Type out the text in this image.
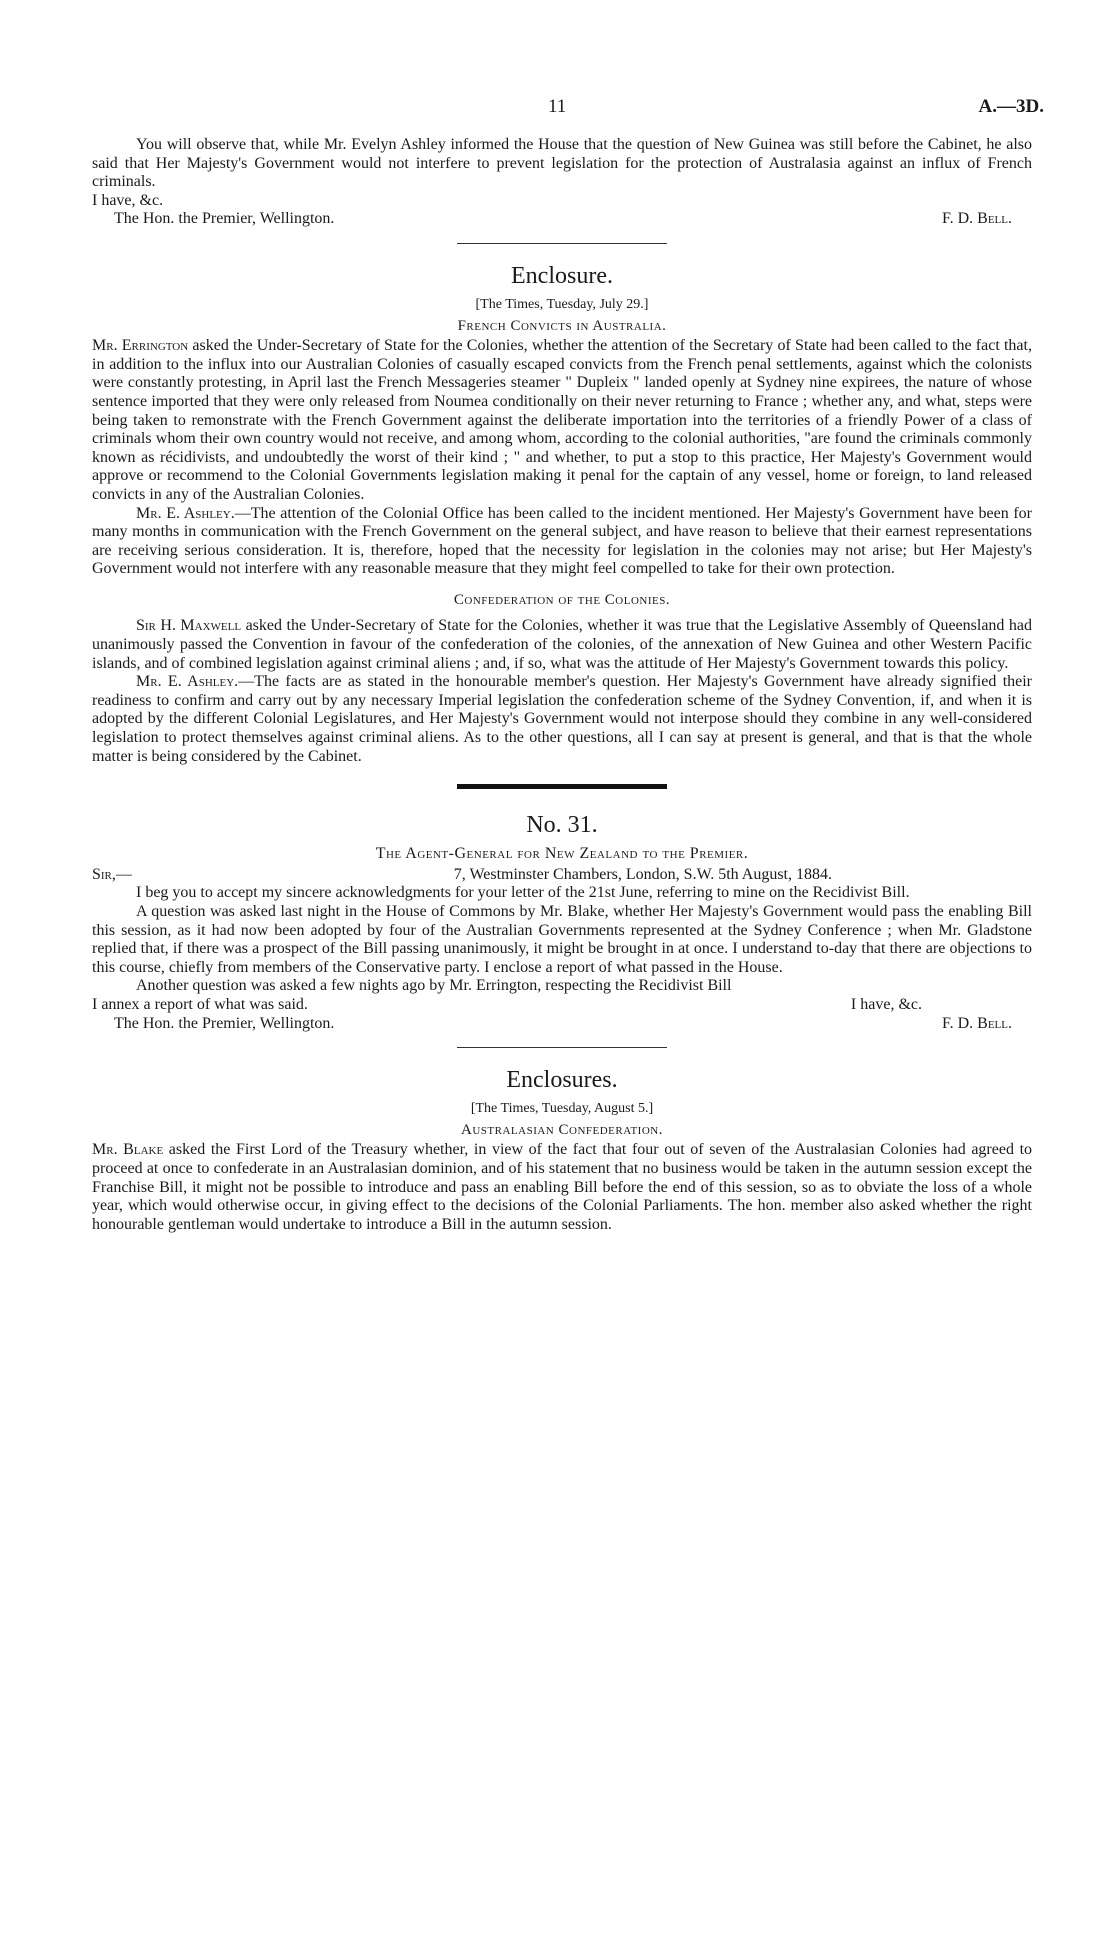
11	A.—3D.

You will observe that, while Mr. Evelyn Ashley informed the House that the question of New Guinea was still before the Cabinet, he also said that Her Majesty's Government would not interfere to prevent legislation for the protection of Australasia against an influx of French criminals.

I have, &c.

The Hon. the Premier, Wellington.	F. D. Bell.
Enclosure.
[The Times, Tuesday, July 29.]
French Convicts in Australia.

Mr. Errington asked the Under-Secretary of State for the Colonies, whether the attention of the Secretary of State had been called to the fact that, in addition to the influx into our Australian Colonies of casually escaped convicts from the French penal settlements, against which the colonists were constantly protesting, in April last the French Messageries steamer " Dupleix " landed openly at Sydney nine expirees, the nature of whose sentence imported that they were only released from Noumea conditionally on their never returning to France ; whether any, and what, steps were being taken to remonstrate with the French Government against the deliberate importation into the territories of a friendly Power of a class of criminals whom their own country would not receive, and among whom, according to the colonial authorities, "are found the criminals commonly known as récidivists, and undoubtedly the worst of their kind ; " and whether, to put a stop to this practice, Her Majesty's Government would approve or recommend to the Colonial Governments legislation making it penal for the captain of any vessel, home or foreign, to land released convicts in any of the Australian Colonies.

Mr. E. Ashley.—The attention of the Colonial Office has been called to the incident mentioned. Her Majesty's Government have been for many months in communication with the French Government on the general subject, and have reason to believe that their earnest representations are receiving serious consideration. It is, therefore, hoped that the necessity for legislation in the colonies may not arise; but Her Majesty's Government would not interfere with any reasonable measure that they might feel compelled to take for their own protection.

Confederation of the Colonies.

Sir H. Maxwell asked the Under-Secretary of State for the Colonies, whether it was true that the Legislative Assembly of Queensland had unanimously passed the Convention in favour of the confederation of the colonies, of the annexation of New Guinea and other Western Pacific islands, and of combined legislation against criminal aliens ; and, if so, what was the attitude of Her Majesty's Government towards this policy.

Mr. E. Ashley.—The facts are as stated in the honourable member's question. Her Majesty's Government have already signified their readiness to confirm and carry out by any necessary Imperial legislation the confederation scheme of the Sydney Convention, if, and when it is adopted by the different Colonial Legislatures, and Her Majesty's Government would not interpose should they combine in any well-considered legislation to protect themselves against criminal aliens. As to the other questions, all I can say at present is general, and that is that the whole matter is being considered by the Cabinet.

No. 31.
The Agent-General for New Zealand to the Premier.
Sir,—	7, Westminster Chambers, London, S.W. 5th August, 1884.

I beg you to accept my sincere acknowledgments for your letter of the 21st June, referring to mine on the Recidivist Bill.

A question was asked last night in the House of Commons by Mr. Blake, whether Her Majesty's Government would pass the enabling Bill this session, as it had now been adopted by four of the Australian Governments represented at the Sydney Conference ; when Mr. Gladstone replied that, if there was a prospect of the Bill passing unanimously, it might be brought in at once. I understand to-day that there are objections to this course, chiefly from members of the Conservative party. I enclose a report of what passed in the House.

Another question was asked a few nights ago by Mr. Errington, respecting the Recidivist Bill

I annex a report of what was said.	I have, &c.
The Hon. the Premier, Wellington.	F. D. Bell.
Enclosures.
[The Times, Tuesday, August 5.]
Australasian Confederation.

Mr. Blake asked the First Lord of the Treasury whether, in view of the fact that four out of seven of the Australasian Colonies had agreed to proceed at once to confederate in an Australasian dominion, and of his statement that no business would be taken in the autumn session except the Franchise Bill, it might not be possible to introduce and pass an enabling Bill before the end of this session, so as to obviate the loss of a whole year, which would otherwise occur, in giving effect to the decisions of the Colonial Parliaments. The hon. member also asked whether the right honourable gentleman would undertake to introduce a Bill in the autumn session.
